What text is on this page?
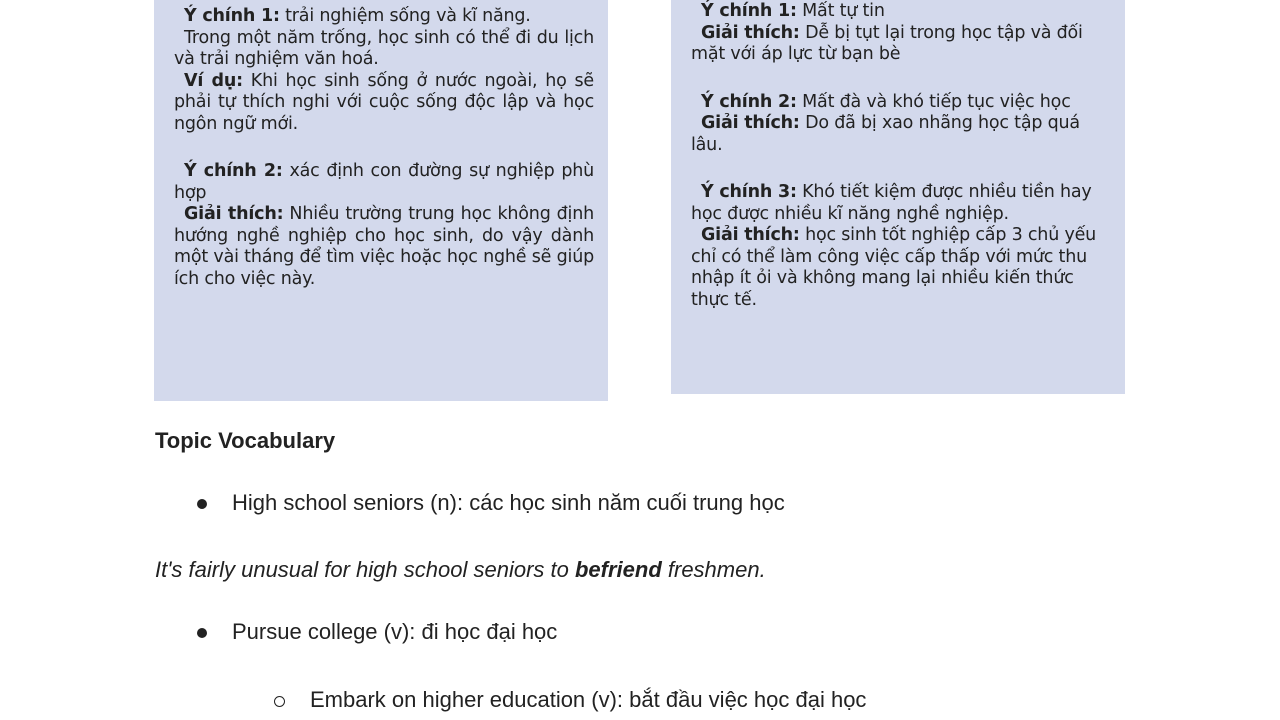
Ý chính 1: trải nghiệm sống và kĩ năng.

Trong một năm trống, học sinh có thể đi du lịch và trải nghiệm văn hoá.

Ví dụ: Khi học sinh sống ở nước ngoài, họ sẽ phải tự thích nghi với cuộc sống độc lập và học ngôn ngữ mới.

Ý chính 2: xác định con đường sự nghiệp phù hợp

Giải thích: Nhiều trường trung học không định hướng nghề nghiệp cho học sinh, do vậy dành một vài tháng để tìm việc hoặc học nghề sẽ giúp ích cho việc này.

Ý chính 1: Mất tự tin

Giải thích: Dễ bị tụt lại trong học tập và đối mặt với áp lực từ bạn bè

Ý chính 2: Mất đà và khó tiếp tục việc học

Giải thích: Do đã bị xao nhãng học tập quá lâu.

Ý chính 3: Khó tiết kiệm được nhiều tiền hay học được nhiều kĩ năng nghề nghiệp.

Giải thích: học sinh tốt nghiệp cấp 3 chủ yếu chỉ có thể làm công việc cấp thấp với mức thu nhập ít ỏi và không mang lại nhiều kiến thức thực tế.

Topic Vocabulary
High school seniors (n): các học sinh năm cuối trung học
It's fairly unusual for high school seniors to befriend freshmen.
Pursue college (v): đi học đại học
Embark on higher education (v): bắt đầu việc học đại học
